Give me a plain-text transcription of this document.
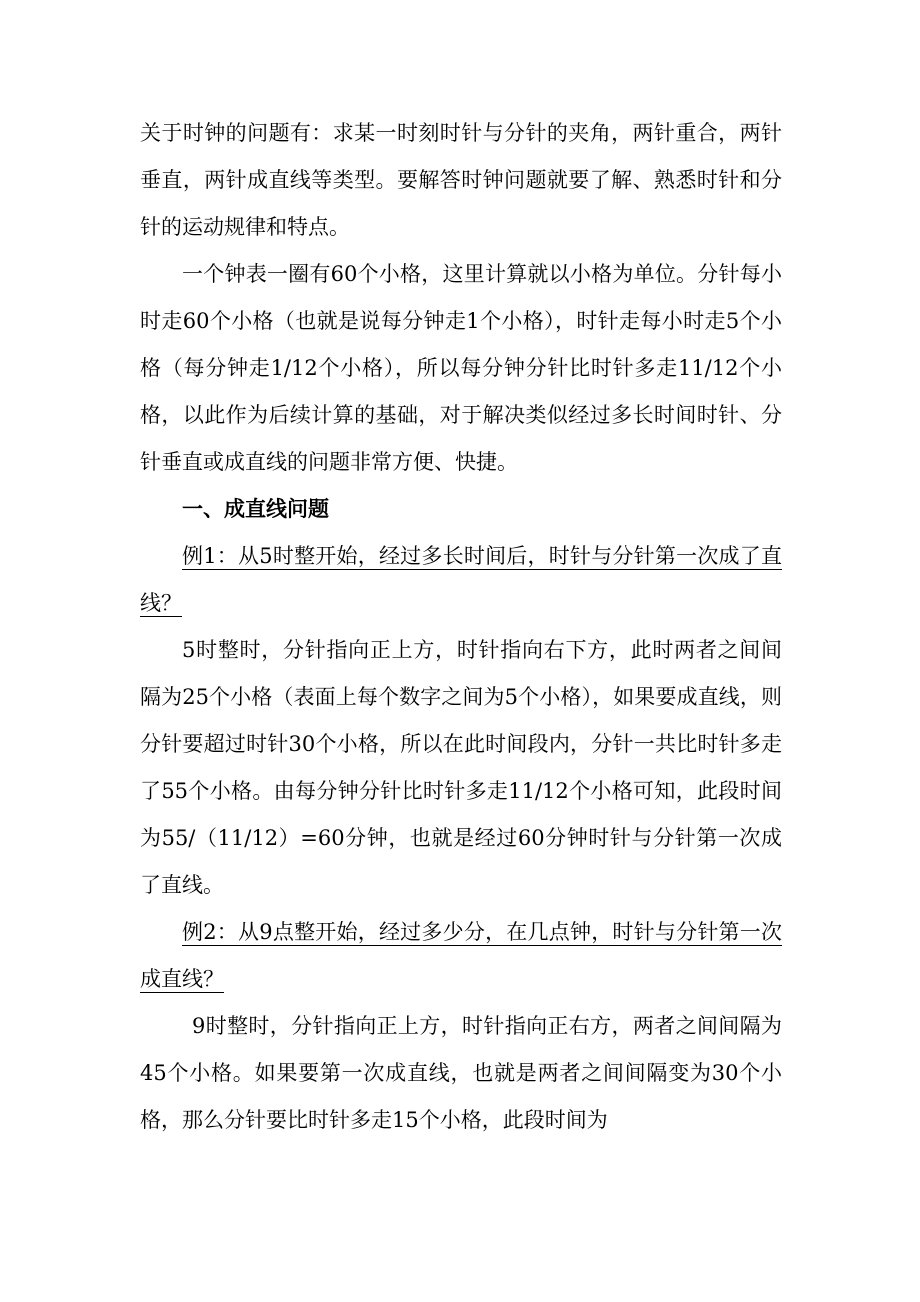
关于时钟的问题有：求某一时刻时针与分针的夹角，两针重合，两针垂直，两针成直线等类型。要解答时钟问题就要了解、熟悉时针和分针的运动规律和特点。

一个钟表一圈有60个小格，这里计算就以小格为单位。分针每小时走60个小格（也就是说每分钟走1个小格），时针走每小时走5个小格（每分钟走1/12个小格），所以每分钟分针比时针多走11/12个小格，以此作为后续计算的基础，对于解决类似经过多长时间时针、分针垂直或成直线的问题非常方便、快捷。

一、成直线问题

例1：从5时整开始，经过多长时间后，时针与分针第一次成了直线？

5时整时，分针指向正上方，时针指向右下方，此时两者之间间隔为25个小格（表面上每个数字之间为5个小格），如果要成直线，则分针要超过时针30个小格，所以在此时间段内，分针一共比时针多走了55个小格。由每分钟分针比时针多走11/12个小格可知，此段时间为55/（11/12）=60分钟，也就是经过60分钟时针与分针第一次成了直线。

例2：从9点整开始，经过多少分，在几点钟，时针与分针第一次成直线？

9时整时，分针指向正上方，时针指向正右方，两者之间间隔为45个小格。如果要第一次成直线，也就是两者之间间隔变为30个小格，那么分针要比时针多走15个小格，此段时间为
